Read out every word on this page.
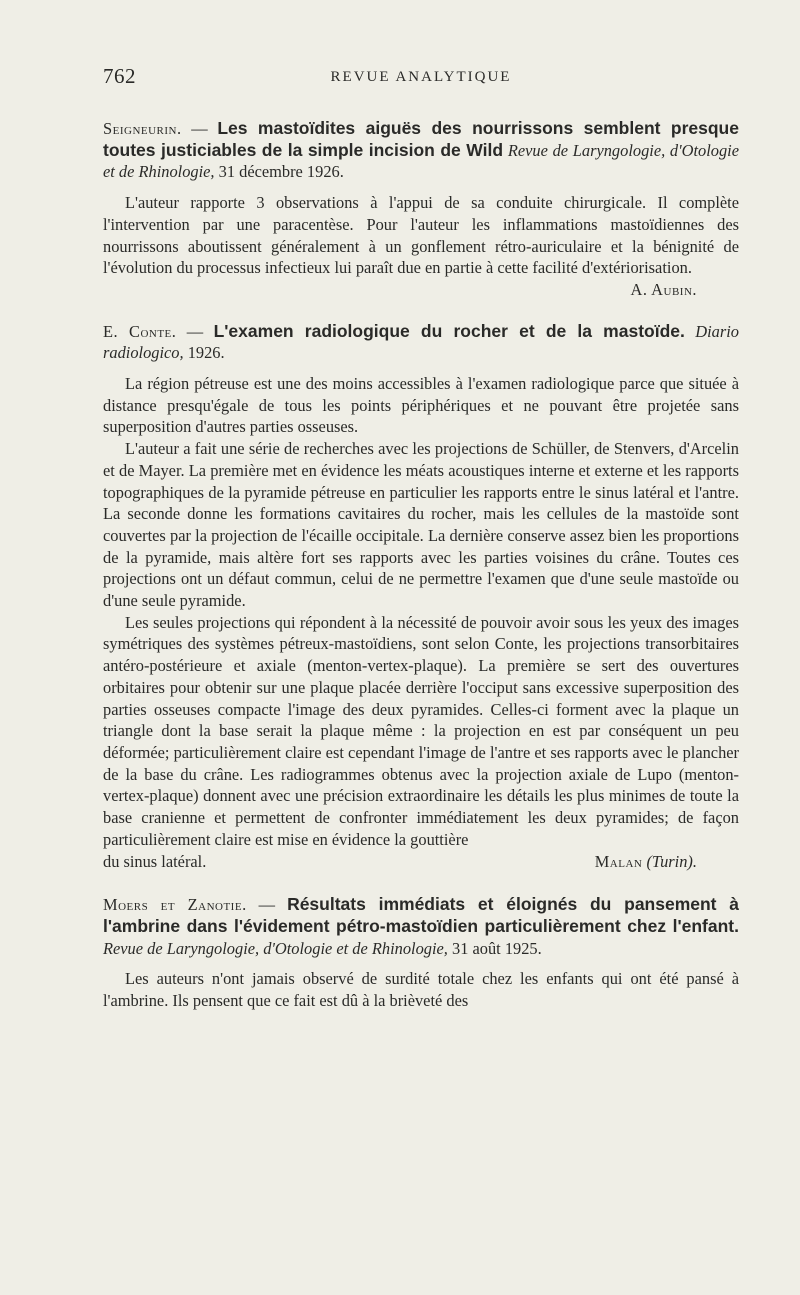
762	REVUE ANALYTIQUE

Seigneurin. — Les mastoïdites aiguës des nourrissons semblent presque toutes justiciables de la simple incision de Wild Revue de Laryngologie, d'Otologie et de Rhinologie, 31 décembre 1926.

L'auteur rapporte 3 observations à l'appui de sa conduite chirurgicale. Il complète l'intervention par une paracentèse. Pour l'auteur les inflammations mastoïdiennes des nourrissons aboutissent généralement à un gonflement rétro-auriculaire et la bénignité de l'évolution du processus infectieux lui paraît due en partie à cette facilité d'extériorisation.

A. Aubin.

E. Conte. — L'examen radiologique du rocher et de la mastoïde. Diario radiologico, 1926.

La région pétreuse est une des moins accessibles à l'examen radiologique parce que située à distance presqu'égale de tous les points périphériques et ne pouvant être projetée sans superposition d'autres parties osseuses.

L'auteur a fait une série de recherches avec les projections de Schüller, de Stenvers, d'Arcelin et de Mayer. La première met en évidence les méats acoustiques interne et externe et les rapports topographiques de la pyramide pétreuse en particulier les rapports entre le sinus latéral et l'antre. La seconde donne les formations cavitaires du rocher, mais les cellules de la mastoïde sont couvertes par la projection de l'écaille occipitale. La dernière conserve assez bien les proportions de la pyramide, mais altère fort ses rapports avec les parties voisines du crâne. Toutes ces projections ont un défaut commun, celui de ne permettre l'examen que d'une seule mastoïde ou d'une seule pyramide.

Les seules projections qui répondent à la nécessité de pouvoir avoir sous les yeux des images symétriques des systèmes pétreux-mastoïdiens, sont selon Conte, les projections transorbitaires antéro-postérieure et axiale (menton-vertex-plaque). La première se sert des ouvertures orbitaires pour obtenir sur une plaque placée derrière l'occiput sans excessive superposition des parties osseuses compacte l'image des deux pyramides. Celles-ci forment avec la plaque un triangle dont la base serait la plaque même : la projection en est par conséquent un peu déformée; particulièrement claire est cependant l'image de l'antre et ses rapports avec le plancher de la base du crâne. Les radiogrammes obtenus avec la projection axiale de Lupo (menton-vertex-plaque) donnent avec une précision extraordinaire les détails les plus minimes de toute la base cranienne et permettent de confronter immédiatement les deux pyramides; de façon particulièrement claire est mise en évidence la gouttière

du sinus latéral.	Malan (Turin).

Moers et Zanotie. — Résultats immédiats et éloignés du pansement à l'ambrine dans l'évidement pétro-mastoïdien particulièrement chez l'enfant. Revue de Laryngologie, d'Otologie et de Rhinologie, 31 août 1925.

Les auteurs n'ont jamais observé de surdité totale chez les enfants qui ont été pansé à l'ambrine. Ils pensent que ce fait est dû à la brièveté des
